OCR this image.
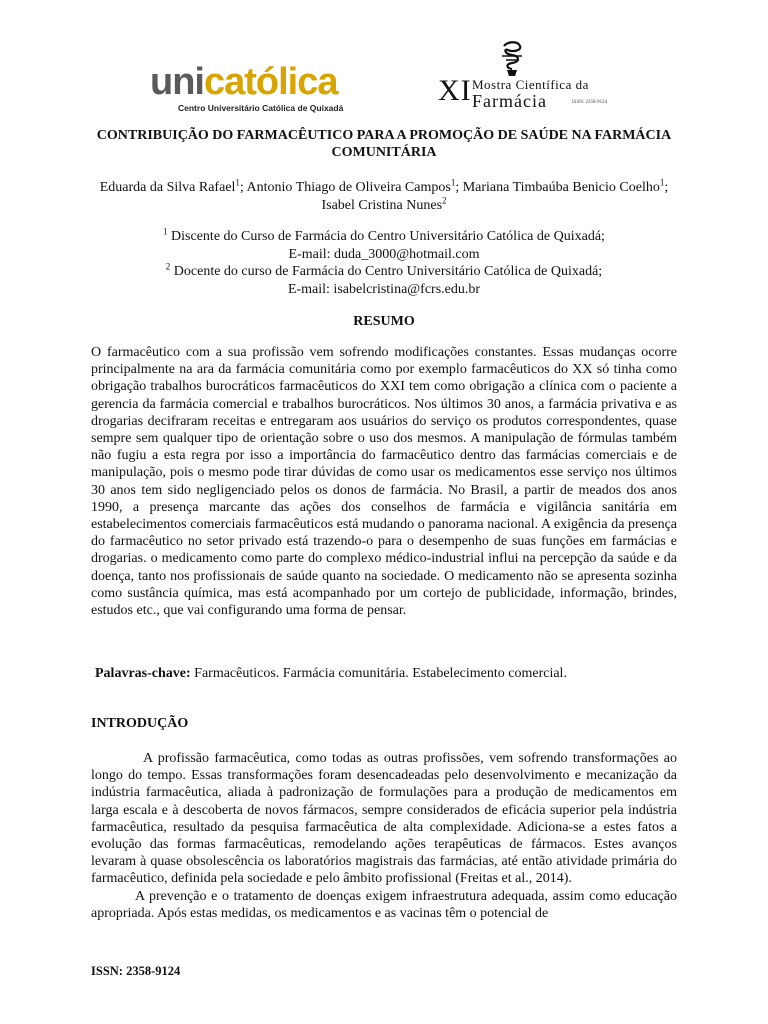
unicatólica
Centro Universitário Católica de Quixadá
XI Mostra Científica da
Farmácia	ISSN: 2358-9124
CONTRIBUIÇÃO DO FARMACÊUTICO PARA A PROMOÇÃO DE SAÚDE NA FARMÁCIA COMUNITÁRIA
Eduarda da Silva Rafael$^1$; Antonio Thiago de Oliveira Campos$^1$; Mariana Timbaúba Benicio Coelho$^1$; Isabel Cristina Nunes$^2$
$^1$ Discente do Curso de Farmácia do Centro Universitário Católica de Quixadá;
E-mail: duda_3000@hotmail.com
$^2$ Docente do curso de Farmácia do Centro Universitário Católica de Quixadá;
E-mail: isabelcristina@fcrs.edu.br
RESUMO
O farmacêutico com a sua profissão vem sofrendo modificações constantes. Essas mudanças ocorre principalmente na ara da farmácia comunitária como por exemplo farmacêuticos do XX só tinha como obrigação trabalhos burocráticos farmacêuticos do XXI tem como obrigação a clínica com o paciente a gerencia da farmácia comercial e trabalhos burocráticos. Nos últimos 30 anos, a farmácia privativa e as drogarias decifraram receitas e entregaram aos usuários do serviço os produtos correspondentes, quase sempre sem qualquer tipo de orientação sobre o uso dos mesmos. A manipulação de fórmulas também não fugiu a esta regra por isso a importância do farmacêutico dentro das farmácias comerciais e de manipulação, pois o mesmo pode tirar dúvidas de como usar os medicamentos esse serviço nos últimos 30 anos tem sido negligenciado pelos os donos de farmácia. No Brasil, a partir de meados dos anos 1990, a presença marcante das ações dos conselhos de farmácia e vigilância sanitária em estabelecimentos comerciais farmacêuticos está mudando o panorama nacional. A exigência da presença do farmacêutico no setor privado está trazendo-o para o desempenho de suas funções em farmácias e drogarias. o medicamento como parte do complexo médico-industrial influi na percepção da saúde e da doença, tanto nos profissionais de saúde quanto na sociedade. O medicamento não se apresenta sozinha como sustância química, mas está acompanhado por um cortejo de publicidade, informação, brindes, estudos etc., que vai configurando uma forma de pensar.
Palavras-chave: Farmacêuticos. Farmácia comunitária. Estabelecimento comercial.
INTRODUÇÃO

A profissão farmacêutica, como todas as outras profissões, vem sofrendo transformações ao longo do tempo. Essas transformações foram desencadeadas pelo desenvolvimento e mecanização da indústria farmacêutica, aliada à padronização de formulações para a produção de medicamentos em larga escala e à descoberta de novos fármacos, sempre considerados de eficácia superior pela indústria farmacêutica, resultado da pesquisa farmacêutica de alta complexidade. Adiciona-se a estes fatos a evolução das formas farmacêuticas, remodelando ações terapêuticas de fármacos. Estes avanços levaram à quase obsolescência os laboratórios magistrais das farmácias, até então atividade primária do farmacêutico, definida pela sociedade e pelo âmbito profissional (Freitas et al., 2014).

A prevenção e o tratamento de doenças exigem infraestrutura adequada, assim como educação apropriada. Após estas medidas, os medicamentos e as vacinas têm o potencial de

ISSN: 2358-9124
